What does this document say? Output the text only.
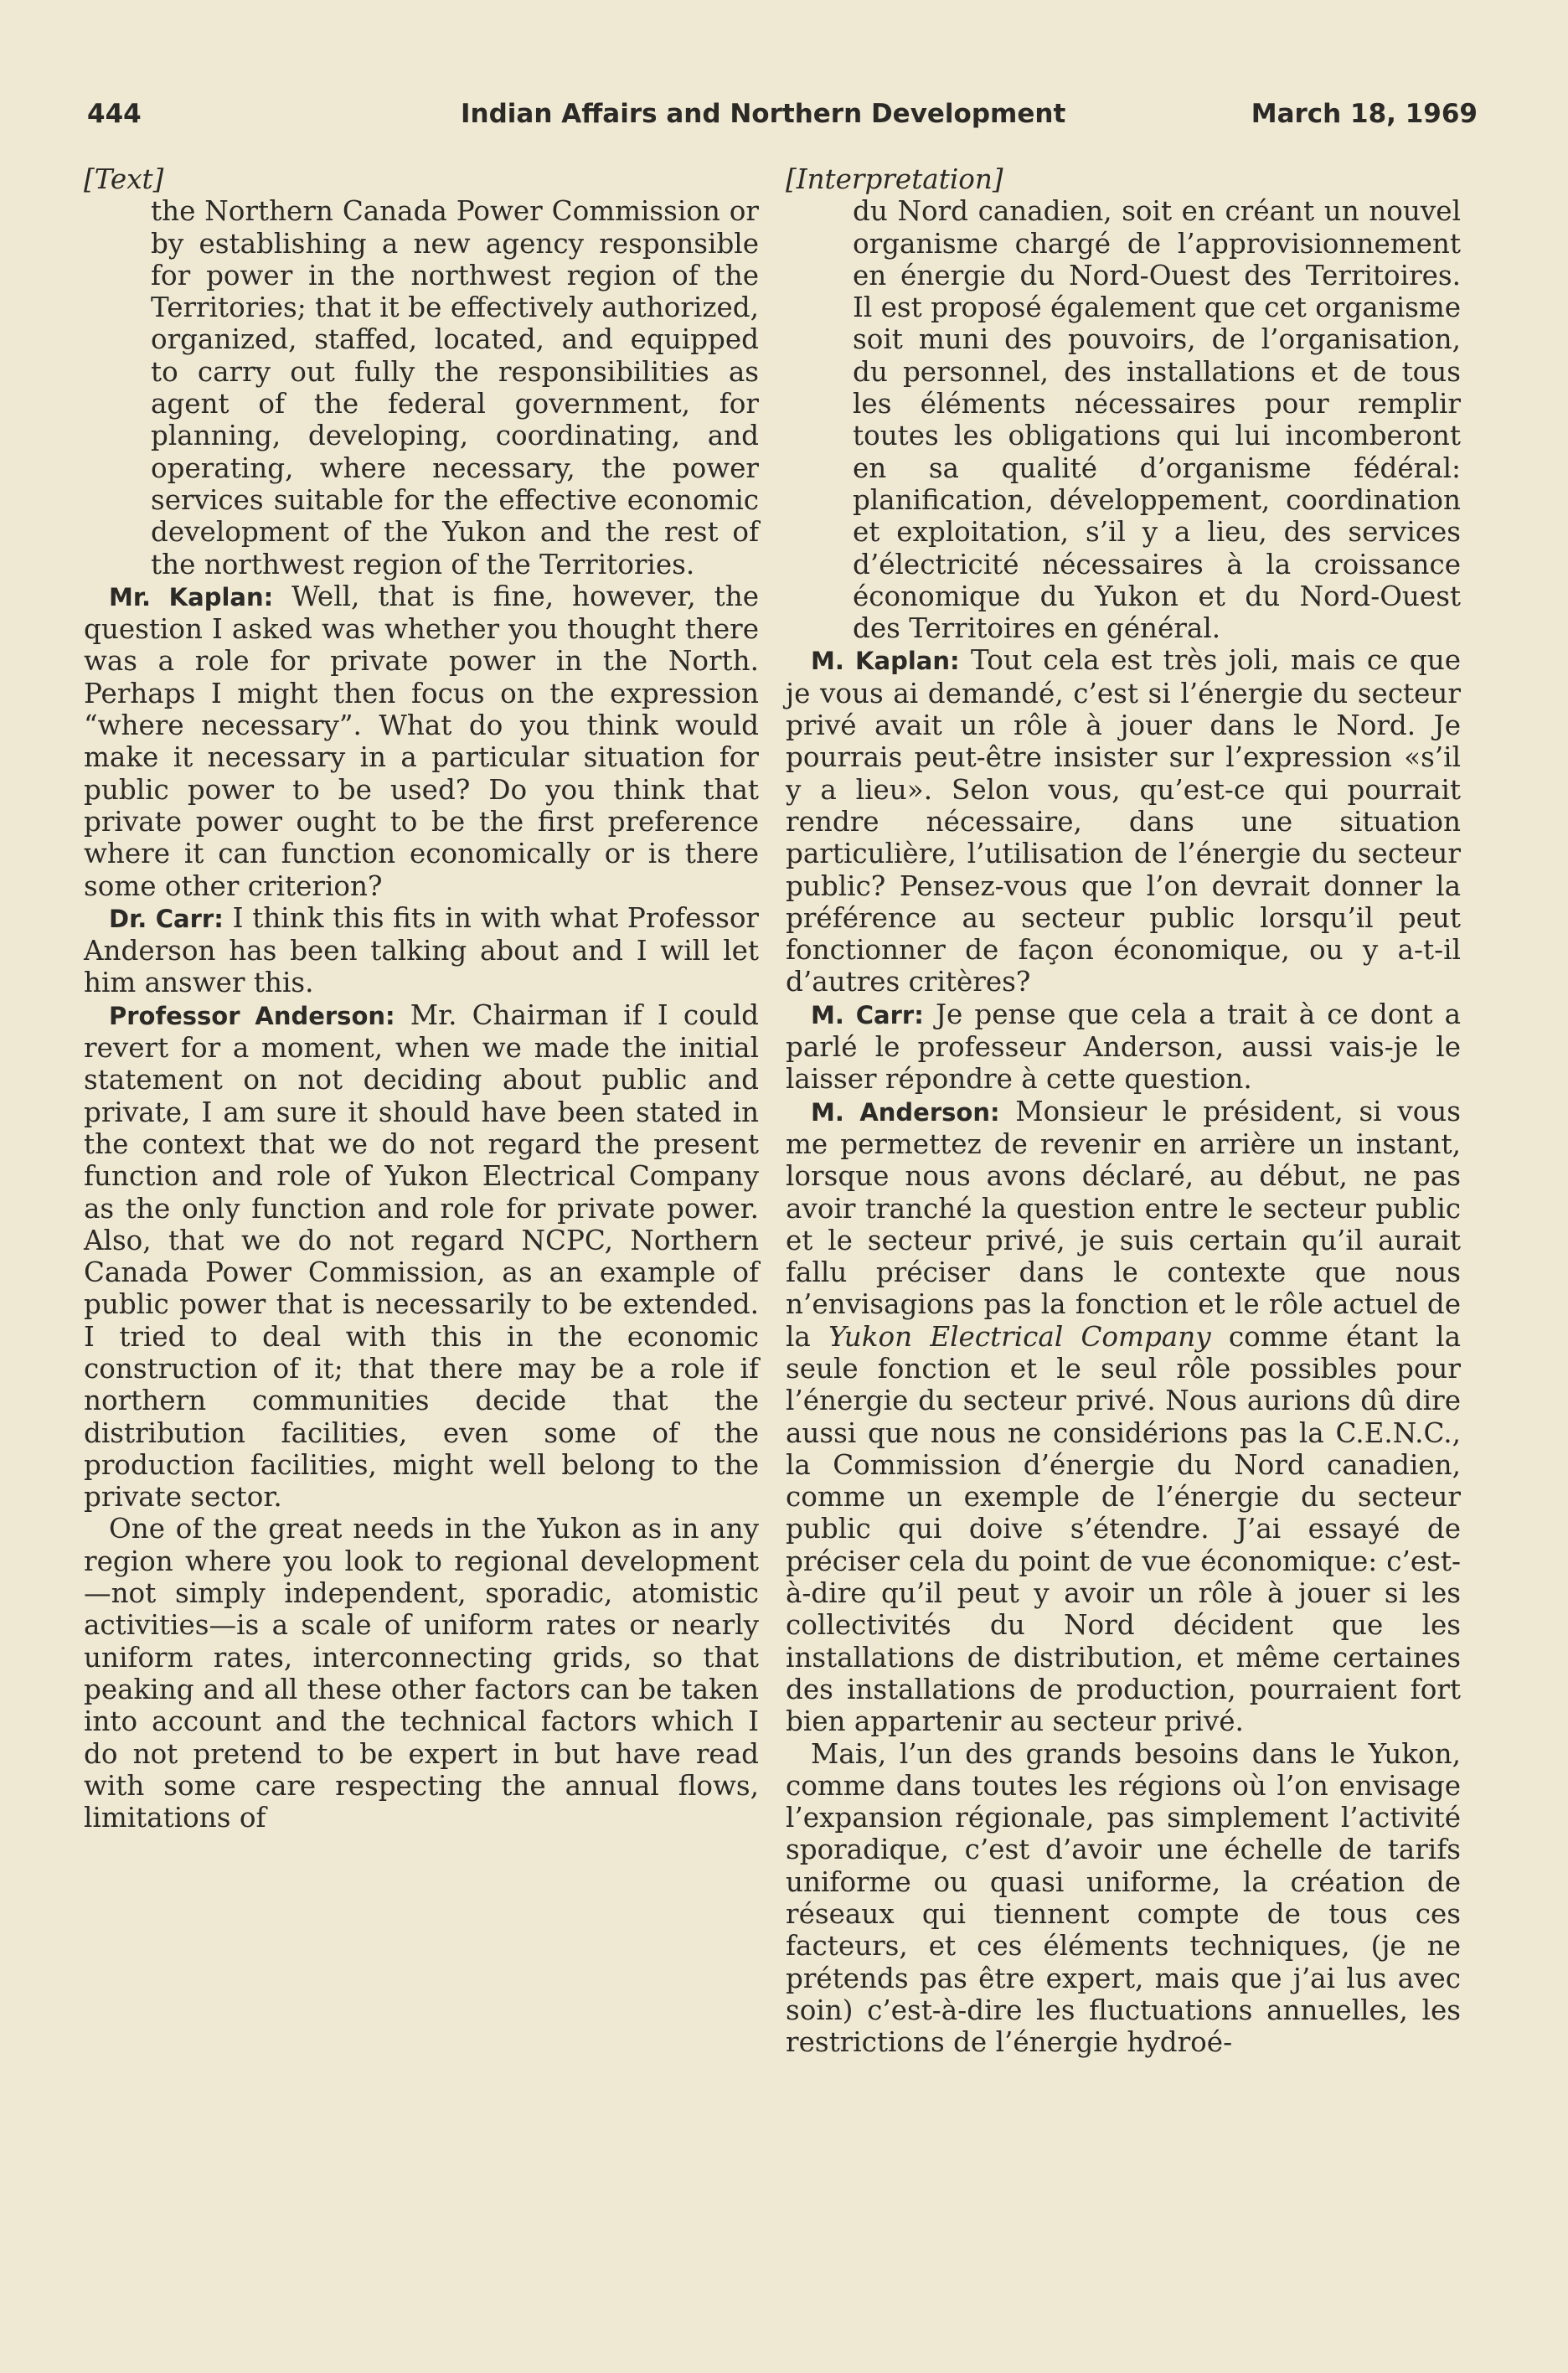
444	Indian Affairs and Northern Development	March 18, 1969
[Text]

the Northern Canada Power Commission or by establishing a new agency responsible for power in the northwest region of the Territories; that it be effectively authorized, organized, staffed, located, and equipped to carry out fully the responsibilities as agent of the federal government, for planning, developing, coordinating, and operating, where necessary, the power services suitable for the effective economic development of the Yukon and the rest of the northwest region of the Territories.

Mr. Kaplan: Well, that is fine, however, the question I asked was whether you thought there was a role for private power in the North. Perhaps I might then focus on the expression “where necessary”. What do you think would make it necessary in a particular situation for public power to be used? Do you think that private power ought to be the first preference where it can function economically or is there some other criterion?

Dr. Carr: I think this fits in with what Professor Anderson has been talking about and I will let him answer this.

Professor Anderson: Mr. Chairman if I could revert for a moment, when we made the initial statement on not deciding about public and private, I am sure it should have been stated in the context that we do not regard the present function and role of Yukon Electrical Company as the only function and role for private power. Also, that we do not regard NCPC, Northern Canada Power Commission, as an example of public power that is necessarily to be extended. I tried to deal with this in the economic construction of it; that there may be a role if northern communities decide that the distribution facilities, even some of the production facilities, might well belong to the private sector.

One of the great needs in the Yukon as in any region where you look to regional development—not simply independent, sporadic, atomistic activities—is a scale of uniform rates or nearly uniform rates, interconnecting grids, so that peaking and all these other factors can be taken into account and the technical factors which I do not pretend to be expert in but have read with some care respecting the annual flows, limitations of

[Interpretation]

du Nord canadien, soit en créant un nouvel organisme chargé de l’approvisionnement en énergie du Nord-Ouest des Territoires. Il est proposé également que cet organisme soit muni des pouvoirs, de l’organisation, du personnel, des installations et de tous les éléments nécessaires pour remplir toutes les obligations qui lui incomberont en sa qualité d’organisme fédéral: planification, développement, coordination et exploitation, s’il y a lieu, des services d’électricité nécessaires à la croissance économique du Yukon et du Nord-Ouest des Territoires en général.

M. Kaplan: Tout cela est très joli, mais ce que je vous ai demandé, c’est si l’énergie du secteur privé avait un rôle à jouer dans le Nord. Je pourrais peut-être insister sur l’expression «s’il y a lieu». Selon vous, qu’est-ce qui pourrait rendre nécessaire, dans une situation particulière, l’utilisation de l’énergie du secteur public? Pensez-vous que l’on devrait donner la préférence au secteur public lorsqu’il peut fonctionner de façon économique, ou y a-t-il d’autres critères?

M. Carr: Je pense que cela a trait à ce dont a parlé le professeur Anderson, aussi vais-je le laisser répondre à cette question.

M. Anderson: Monsieur le président, si vous me permettez de revenir en arrière un instant, lorsque nous avons déclaré, au début, ne pas avoir tranché la question entre le secteur public et le secteur privé, je suis certain qu’il aurait fallu préciser dans le contexte que nous n’envisagions pas la fonction et le rôle actuel de la Yukon Electrical Company comme étant la seule fonction et le seul rôle possibles pour l’énergie du secteur privé. Nous aurions dû dire aussi que nous ne considérions pas la C.E.N.C., la Commission d’énergie du Nord canadien, comme un exemple de l’énergie du secteur public qui doive s’étendre. J’ai essayé de préciser cela du point de vue économique: c’est-à-dire qu’il peut y avoir un rôle à jouer si les collectivités du Nord décident que les installations de distribution, et même certaines des installations de production, pourraient fort bien appartenir au secteur privé.

Mais, l’un des grands besoins dans le Yukon, comme dans toutes les régions où l’on envisage l’expansion régionale, pas simplement l’activité sporadique, c’est d’avoir une échelle de tarifs uniforme ou quasi uniforme, la création de réseaux qui tiennent compte de tous ces facteurs, et ces éléments techniques, (je ne prétends pas être expert, mais que j’ai lus avec soin) c’est-à-dire les fluctuations annuelles, les restrictions de l’énergie hydroé-
